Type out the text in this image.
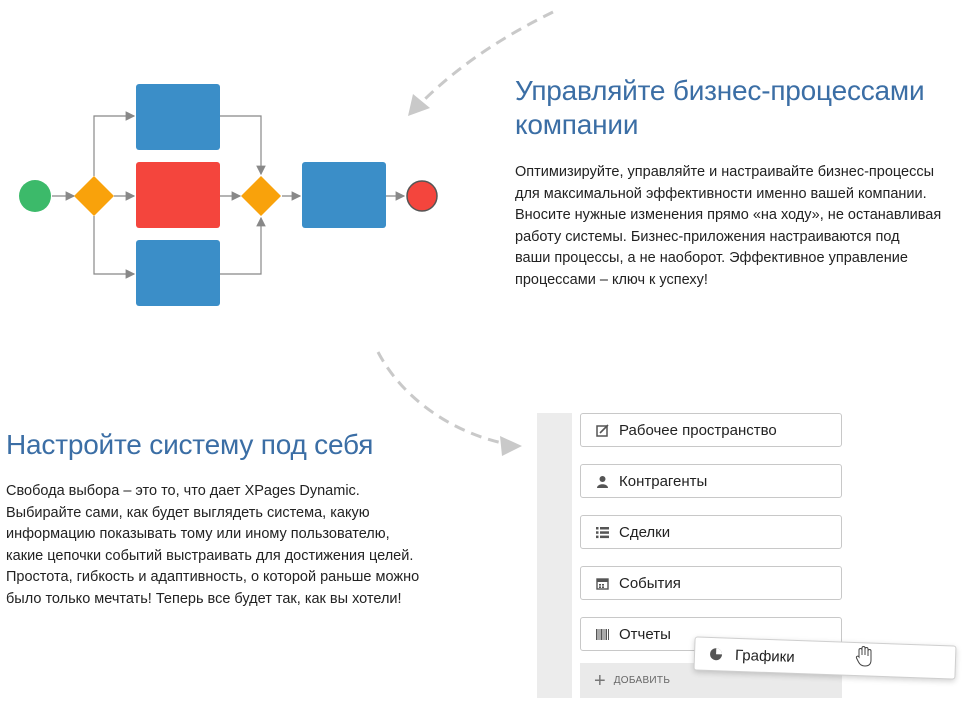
Управляйте бизнес-процессами компании

Оптимизируйте, управляйте и настраивайте бизнес-процессы
для максимальной эффективности именно вашей компании.
Вносите нужные изменения прямо «на ходу», не останавливая
работу системы. Бизнес-приложения настраиваются под
ваши процессы, а не наоборот. Эффективное управление
процессами – ключ к успеху!

Настройте систему под себя

Свобода выбора – это то, что дает XPages Dynamic.
Выбирайте сами, как будет выглядеть система, какую
информацию показывать тому или иному пользователю,
какие цепочки событий выстраивать для достижения целей.
Простота, гибкость и адаптивность, о которой раньше можно
было только мечтать! Теперь все будет так, как вы хотели!

Рабочее пространство
Контрагенты
Сделки
События
Отчеты
+ ДОБАВИТЬ
Графики
